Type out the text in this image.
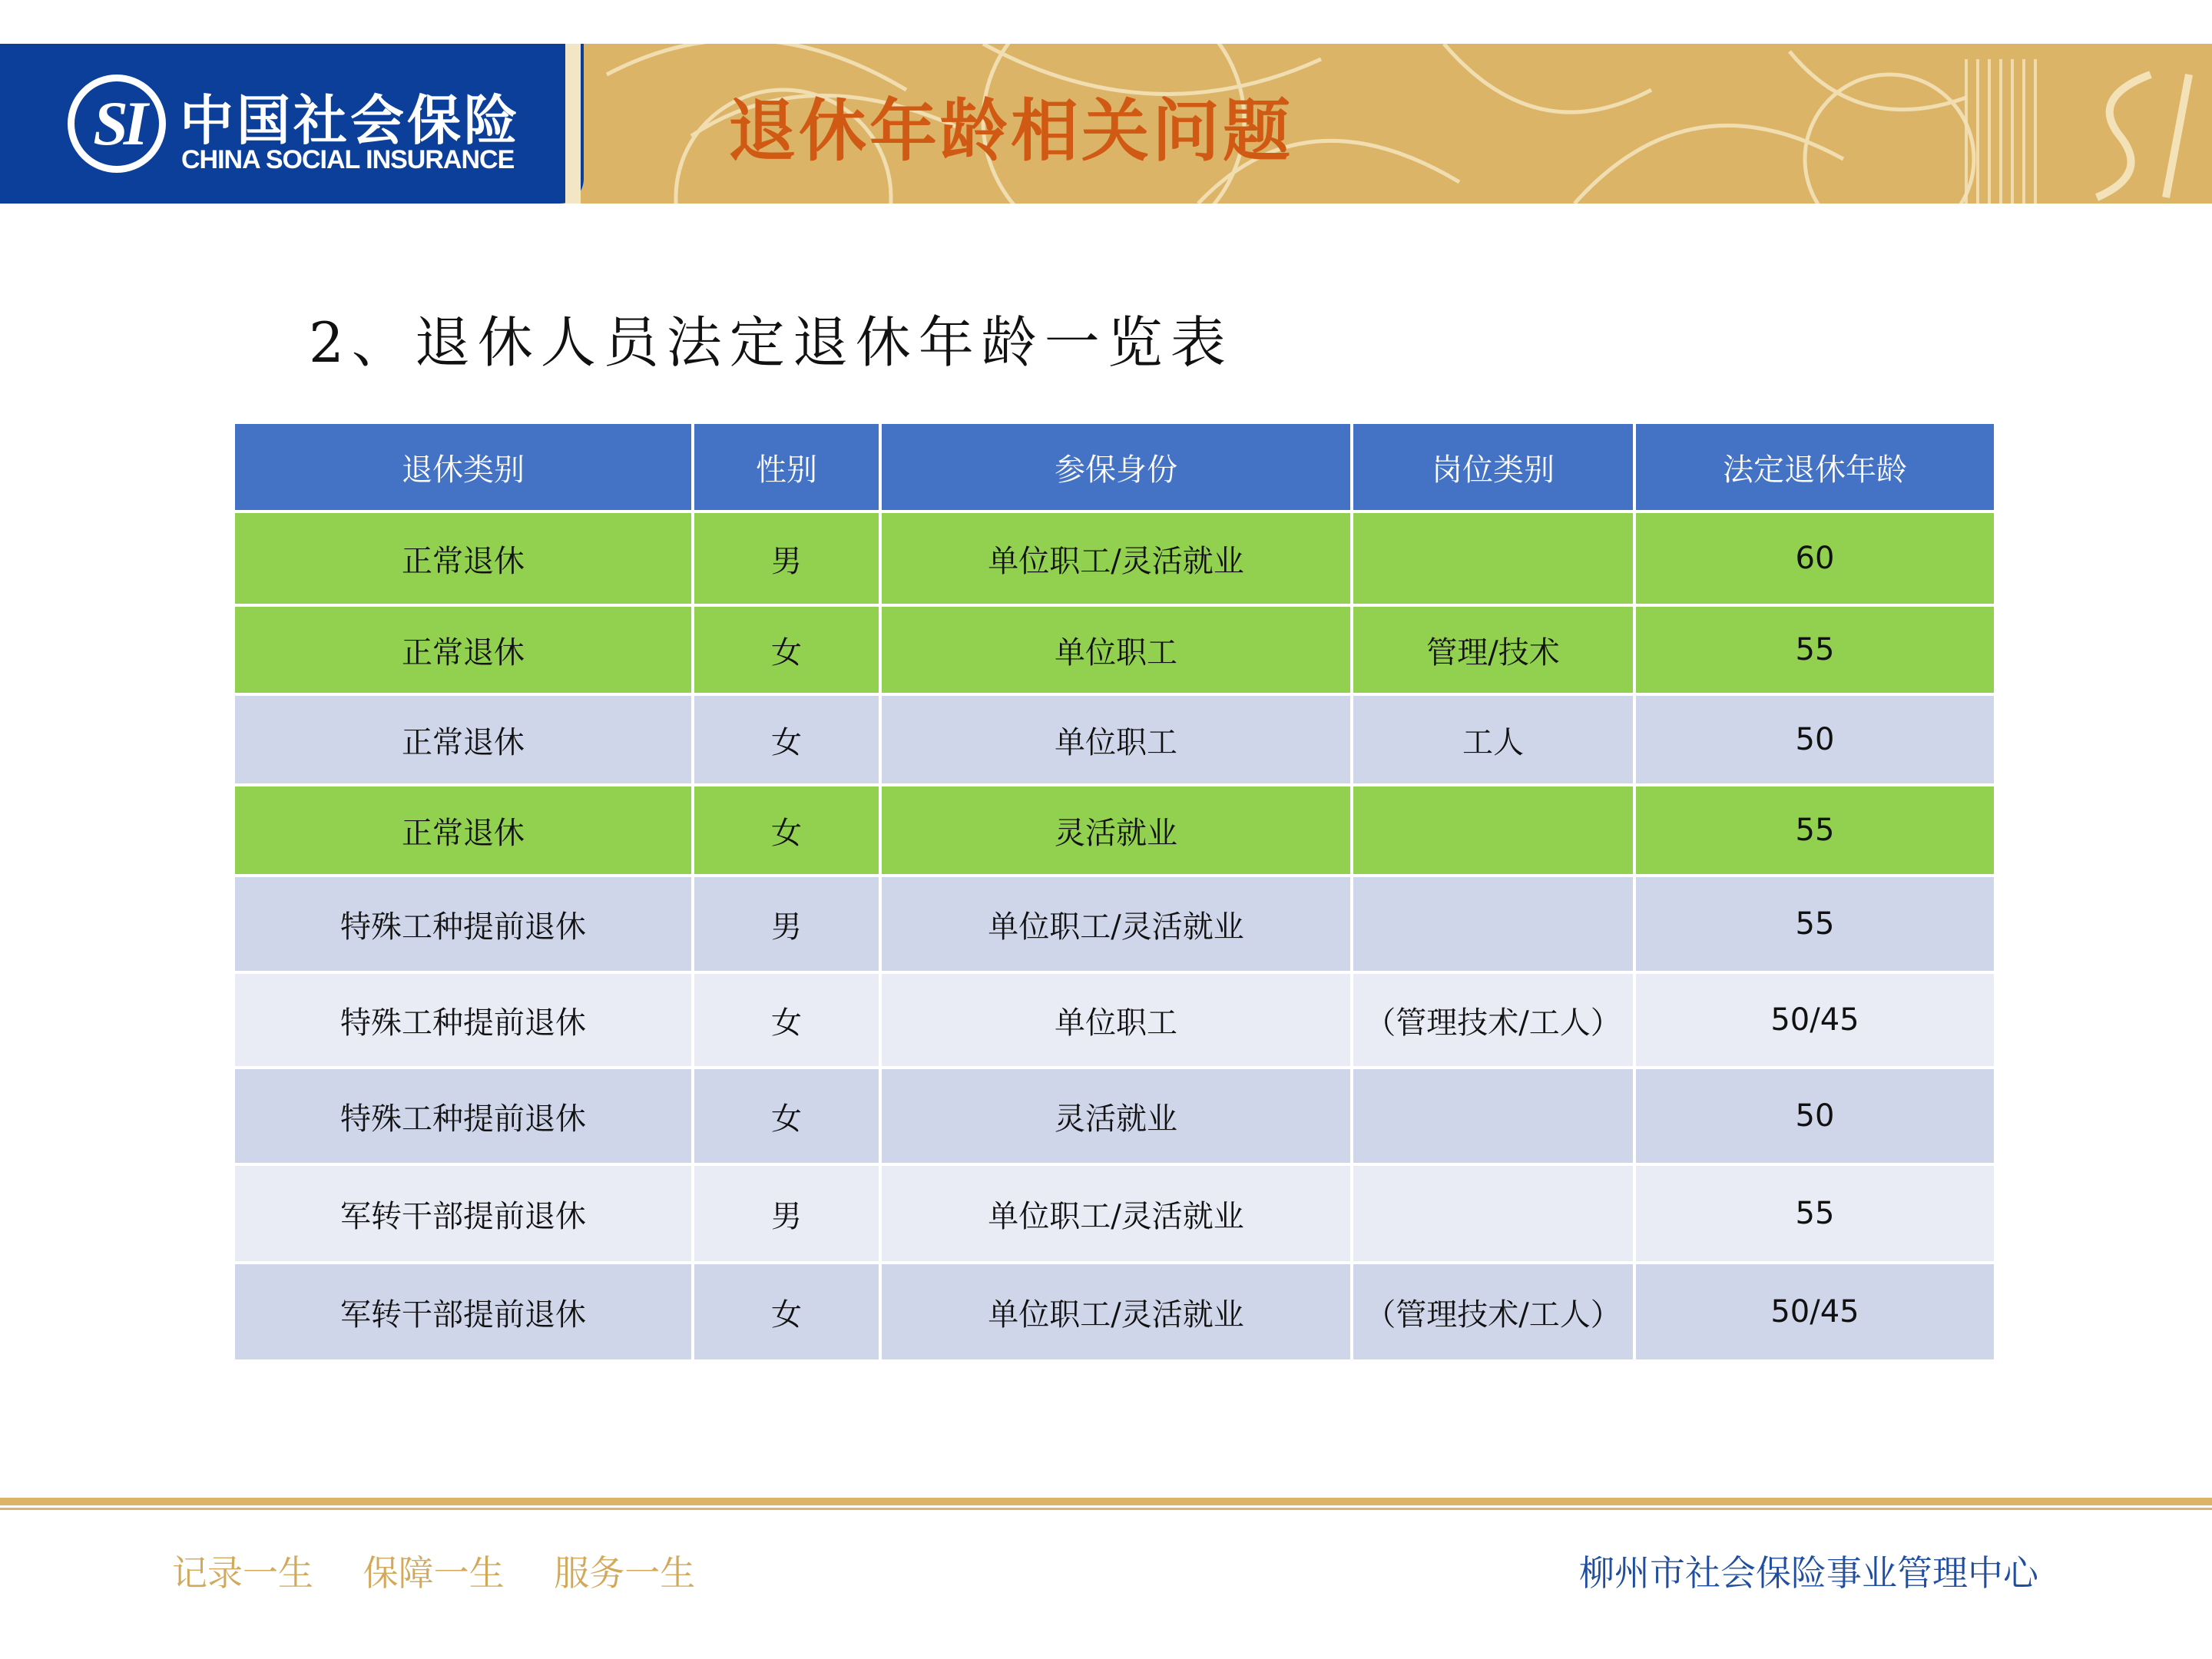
SI 中国社会保险
CHINA SOCIAL INSURANCE	退休年龄相关问题
2、退休人员法定退休年龄一览表
退休类别	性别	参保身份	岗位类别	法定退休年龄
正常退休	男	单位职工/灵活就业		60
正常退休	女	单位职工	管理/技术	55
正常退休	女	单位职工	工人	50
正常退休	女	灵活就业		55
特殊工种提前退休	男	单位职工/灵活就业		55
特殊工种提前退休	女	单位职工	（管理技术/工人）	50/45
特殊工种提前退休	女	灵活就业		50
军转干部提前退休	男	单位职工/灵活就业		55
军转干部提前退休	女	单位职工/灵活就业	（管理技术/工人）	50/45
记录一生 保障一生 服务一生	柳州市社会保险事业管理中心
